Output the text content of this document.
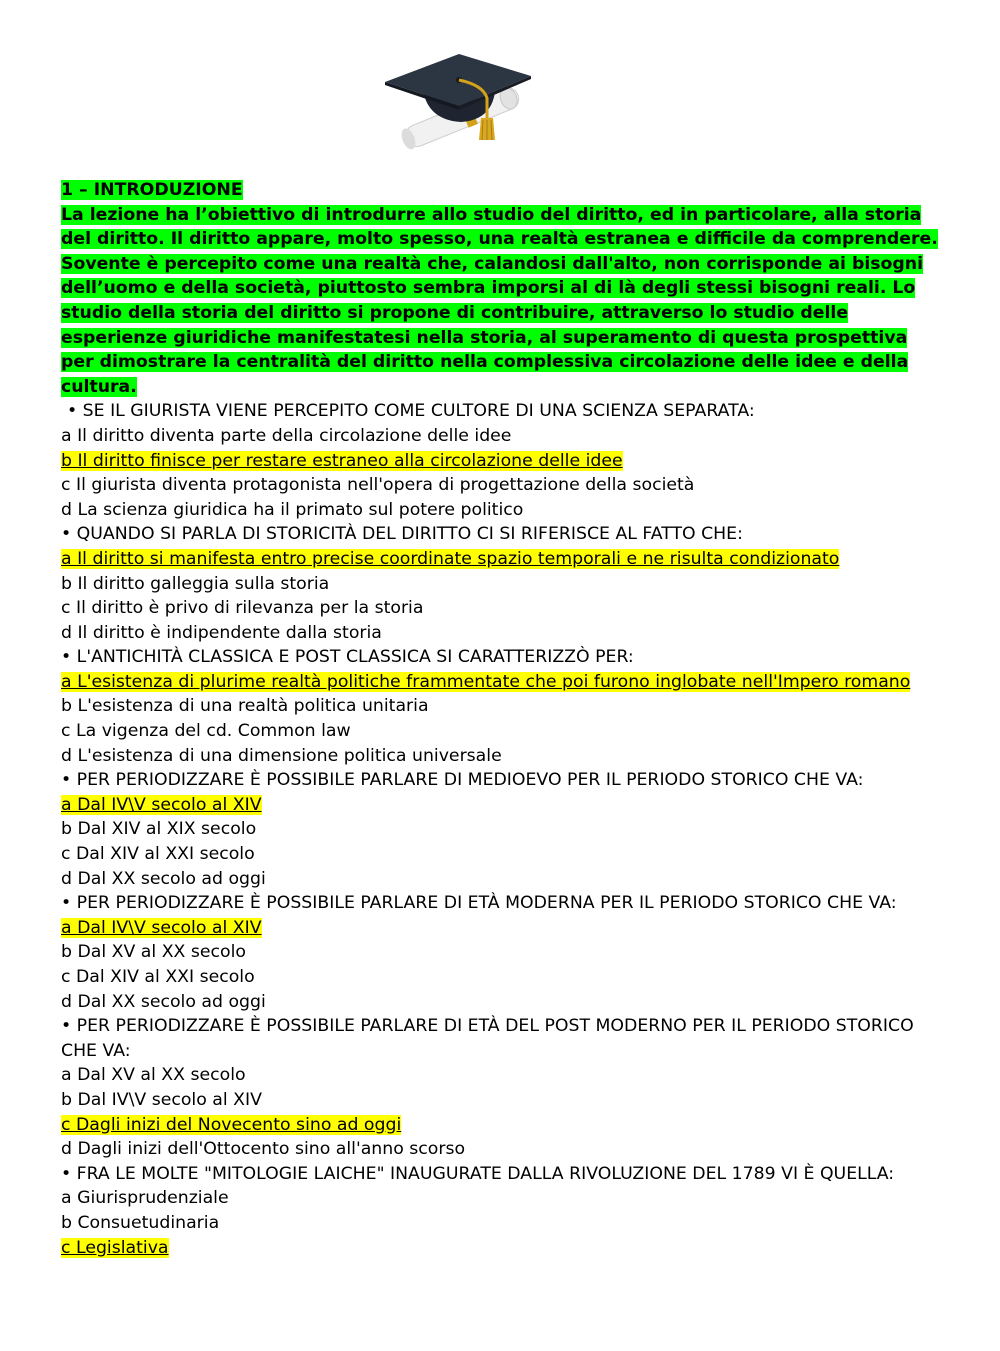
1 – INTRODUZIONE

La lezione ha l’obiettivo di introdurre allo studio del diritto, ed in particolare, alla storia del diritto. Il diritto appare, molto spesso, una realtà estranea e difficile da comprendere. Sovente è percepito come una realtà che, calandosi dall'alto, non corrisponde ai bisogni dell’uomo e della società, piuttosto sembra imporsi al di là degli stessi bisogni reali. Lo studio della storia del diritto si propone di contribuire, attraverso lo studio delle esperienze giuridiche manifestatesi nella storia, al superamento di questa prospettiva per dimostrare la centralità del diritto nella complessiva circolazione delle idee e della cultura.

• SE IL GIURISTA VIENE PERCEPITO COME CULTORE DI UNA SCIENZA SEPARATA:

a Il diritto diventa parte della circolazione delle idee

b Il diritto finisce per restare estraneo alla circolazione delle idee

c Il giurista diventa protagonista nell'opera di progettazione della società

d La scienza giuridica ha il primato sul potere politico

• QUANDO SI PARLA DI STORICITÀ DEL DIRITTO CI SI RIFERISCE AL FATTO CHE:

a Il diritto si manifesta entro precise coordinate spazio temporali e ne risulta condizionato

b Il diritto galleggia sulla storia

c Il diritto è privo di rilevanza per la storia

d Il diritto è indipendente dalla storia

• L'ANTICHITÀ CLASSICA E POST CLASSICA SI CARATTERIZZÒ PER:

a L'esistenza di plurime realtà politiche frammentate che poi furono inglobate nell'Impero romano

b L'esistenza di una realtà politica unitaria

c La vigenza del cd. Common law

d L'esistenza di una dimensione politica universale

• PER PERIODIZZARE È POSSIBILE PARLARE DI MEDIOEVO PER IL PERIODO STORICO CHE VA:

a Dal IV\V secolo al XIV

b Dal XIV al XIX secolo

c Dal XIV al XXI secolo

d Dal XX secolo ad oggi

• PER PERIODIZZARE È POSSIBILE PARLARE DI ETÀ MODERNA PER IL PERIODO STORICO CHE VA:

a Dal IV\V secolo al XIV

b Dal XV al XX secolo

c Dal XIV al XXI secolo

d Dal XX secolo ad oggi

• PER PERIODIZZARE È POSSIBILE PARLARE DI ETÀ DEL POST MODERNO PER IL PERIODO STORICO CHE VA:

a Dal XV al XX secolo

b Dal IV\V secolo al XIV

c Dagli inizi del Novecento sino ad oggi

d Dagli inizi dell'Ottocento sino all'anno scorso

• FRA LE MOLTE "MITOLOGIE LAICHE" INAUGURATE DALLA RIVOLUZIONE DEL 1789 VI È QUELLA:

a Giurisprudenziale

b Consuetudinaria

c Legislativa
